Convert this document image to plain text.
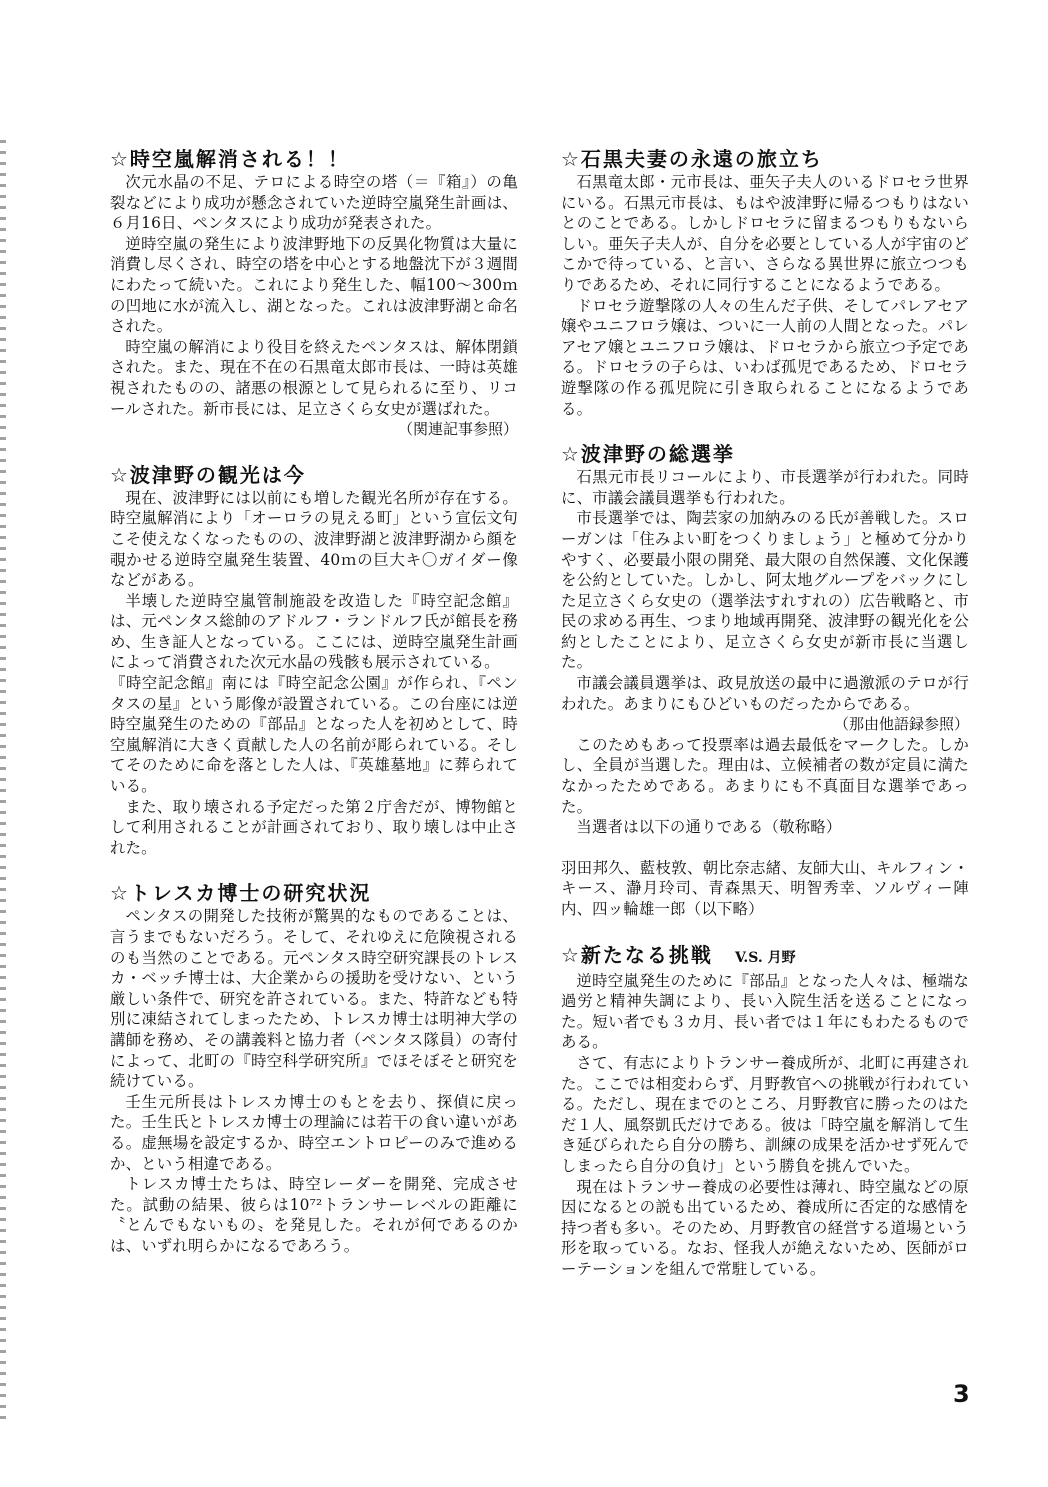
☆時空嵐解消される！！

次元水晶の不足、テロによる時空の塔（＝『箱』）の亀裂などにより成功が懸念されていた逆時空嵐発生計画は、６月16日、ペンタスにより成功が発表された。

逆時空嵐の発生により波津野地下の反異化物質は大量に消費し尽くされ、時空の塔を中心とする地盤沈下が３週間にわたって続いた。これにより発生した、幅100〜300ｍの凹地に水が流入し、湖となった。これは波津野湖と命名された。

時空嵐の解消により役目を終えたペンタスは、解体閉鎖された。また、現在不在の石黒竜太郎市長は、一時は英雄視されたものの、諸悪の根源として見られるに至り、リコールされた。新市長には、足立さくら女史が選ばれた。

（関連記事参照）

☆波津野の観光は今

現在、波津野には以前にも増した観光名所が存在する。時空嵐解消により「オーロラの見える町」という宣伝文句こそ使えなくなったものの、波津野湖と波津野湖から顔を覗かせる逆時空嵐発生装置、40ｍの巨大キ〇ガイダー像などがある。

半壊した逆時空嵐管制施設を改造した『時空記念館』は、元ペンタス総帥のアドルフ・ランドルフ氏が館長を務め、生き証人となっている。ここには、逆時空嵐発生計画によって消費された次元水晶の残骸も展示されている。

『時空記念館』南には『時空記念公園』が作られ、『ペンタスの星』という彫像が設置されている。この台座には逆時空嵐発生のための『部品』となった人を初めとして、時空嵐解消に大きく貢献した人の名前が彫られている。そしてそのために命を落とした人は、『英雄墓地』に葬られている。

また、取り壊される予定だった第２庁舎だが、博物館として利用されることが計画されており、取り壊しは中止された。

☆トレスカ博士の研究状況

ペンタスの開発した技術が驚異的なものであることは、言うまでもないだろう。そして、それゆえに危険視されるのも当然のことである。元ペンタス時空研究課長のトレスカ・ベッチ博士は、大企業からの援助を受けない、という厳しい条件で、研究を許されている。また、特許なども特別に凍結されてしまったため、トレスカ博士は明神大学の講師を務め、その講義料と協力者（ペンタス隊員）の寄付によって、北町の『時空科学研究所』でほそぼそと研究を続けている。

壬生元所長はトレスカ博士のもとを去り、探偵に戻った。壬生氏とトレスカ博士の理論には若干の食い違いがある。虚無場を設定するか、時空エントロピーのみで進めるか、という相違である。

トレスカ博士たちは、時空レーダーを開発、完成させた。試動の結果、彼らは10⁷²トランサーレベルの距離に〝とんでもないもの〟を発見した。それが何であるのかは、いずれ明らかになるであろう。

☆石黒夫妻の永遠の旅立ち

石黒竜太郎・元市長は、亜矢子夫人のいるドロセラ世界にいる。石黒元市長は、もはや波津野に帰るつもりはないとのことである。しかしドロセラに留まるつもりもないらしい。亜矢子夫人が、自分を必要としている人が宇宙のどこかで待っている、と言い、さらなる異世界に旅立つつもりであるため、それに同行することになるようである。

ドロセラ遊撃隊の人々の生んだ子供、そしてパレアセア嬢やユニフロラ嬢は、ついに一人前の人間となった。パレアセア嬢とユニフロラ嬢は、ドロセラから旅立つ予定である。ドロセラの子らは、いわば孤児であるため、ドロセラ遊撃隊の作る孤児院に引き取られることになるようである。

☆波津野の総選挙

石黒元市長リコールにより、市長選挙が行われた。同時に、市議会議員選挙も行われた。

市長選挙では、陶芸家の加納みのる氏が善戦した。スローガンは「住みよい町をつくりましょう」と極めて分かりやすく、必要最小限の開発、最大限の自然保護、文化保護を公約としていた。しかし、阿太地グループをバックにした足立さくら女史の（選挙法すれすれの）広告戦略と、市民の求める再生、つまり地域再開発、波津野の観光化を公約としたことにより、足立さくら女史が新市長に当選した。

市議会議員選挙は、政見放送の最中に過激派のテロが行われた。あまりにもひどいものだったからである。

（那由他語録参照）

このためもあって投票率は過去最低をマークした。しかし、全員が当選した。理由は、立候補者の数が定員に満たなかったためである。あまりにも不真面目な選挙であった。

当選者は以下の通りである（敬称略）

羽田邦久、藍枝敦、朝比奈志緒、友師大山、キルフィン・キース、瀞月玲司、青森黒天、明智秀幸、ソルヴィー陣内、四ッ輪雄一郎（以下略）

☆新たなる挑戦 V.S. 月野

逆時空嵐発生のために『部品』となった人々は、極端な過労と精神失調により、長い入院生活を送ることになった。短い者でも３カ月、長い者では１年にもわたるものである。

さて、有志によりトランサー養成所が、北町に再建された。ここでは相変わらず、月野教官への挑戦が行われている。ただし、現在までのところ、月野教官に勝ったのはただ１人、風祭凱氏だけである。彼は「時空嵐を解消して生き延びられたら自分の勝ち、訓練の成果を活かせず死んでしまったら自分の負け」という勝負を挑んでいた。

現在はトランサー養成の必要性は薄れ、時空嵐などの原因になるとの説も出ているため、養成所に否定的な感情を持つ者も多い。そのため、月野教官の経営する道場という形を取っている。なお、怪我人が絶えないため、医師がローテーションを組んで常駐している。

3
